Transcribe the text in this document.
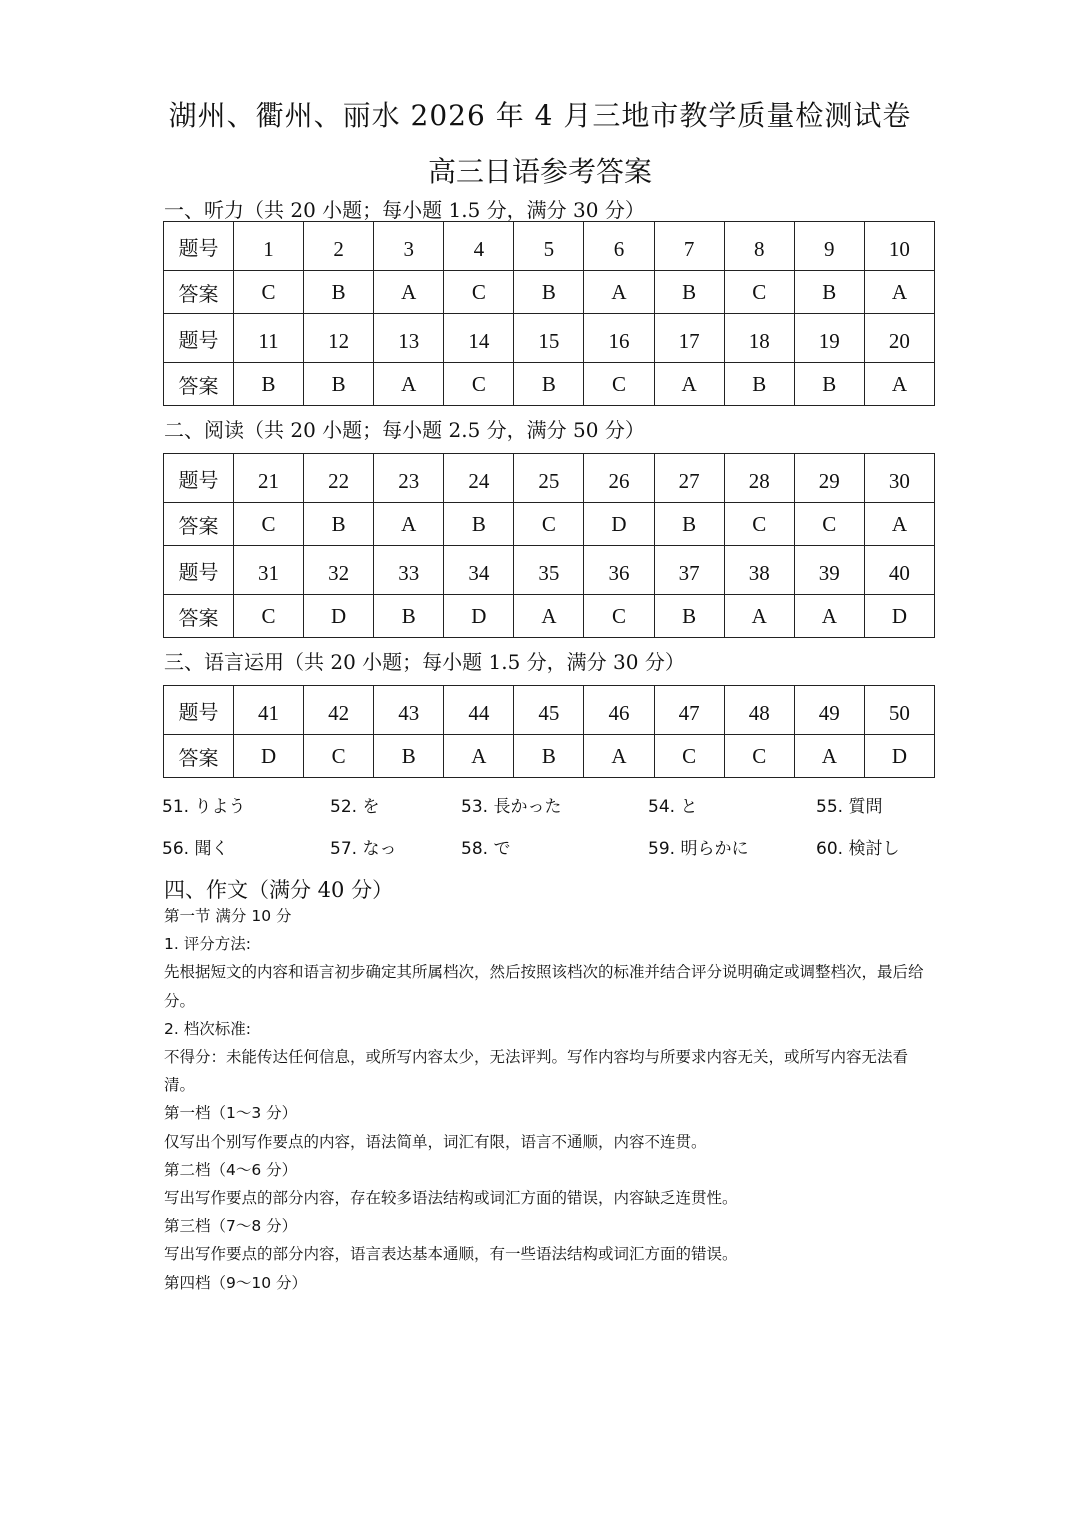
湖州、衢州、丽水 2026 年 4 月三地市教学质量检测试卷
高三日语参考答案
一、听力（共 20 小题；每小题 1.5 分，满分 30 分）
题号	1	2	3	4	5	6	7	8	9	10
答案	C	B	A	C	B	A	B	C	B	A
题号	11	12	13	14	15	16	17	18	19	20
答案	B	B	A	C	B	C	A	B	B	A
二、阅读（共 20 小题；每小题 2.5 分，满分 50 分）
题号	21	22	23	24	25	26	27	28	29	30
答案	C	B	A	B	C	D	B	C	C	A
题号	31	32	33	34	35	36	37	38	39	40
答案	C	D	B	D	A	C	B	A	A	D
三、语言运用（共 20 小题；每小题 1.5 分，满分 30 分）
题号	41	42	43	44	45	46	47	48	49	50
答案	D	C	B	A	B	A	C	C	A	D
51. りよう	52. を	53. 長かった	54. と	55. 質問
56. 聞く	57. なっ	58. で	59. 明らかに	60. 検討し
四、作文（满分 40 分）

第一节 满分 10 分

1. 评分方法:

先根据短文的内容和语言初步确定其所属档次，然后按照该档次的标准并结合评分说明确定或调整档次，最后给分。

2. 档次标准:

不得分：未能传达任何信息，或所写内容太少，无法评判。写作内容均与所要求内容无关，或所写内容无法看清。

第一档（1～3 分）

仅写出个别写作要点的内容，语法简单，词汇有限，语言不通顺，内容不连贯。

第二档（4～6 分）

写出写作要点的部分内容，存在较多语法结构或词汇方面的错误，内容缺乏连贯性。

第三档（7～8 分）

写出写作要点的部分内容，语言表达基本通顺，有一些语法结构或词汇方面的错误。

第四档（9～10 分）
